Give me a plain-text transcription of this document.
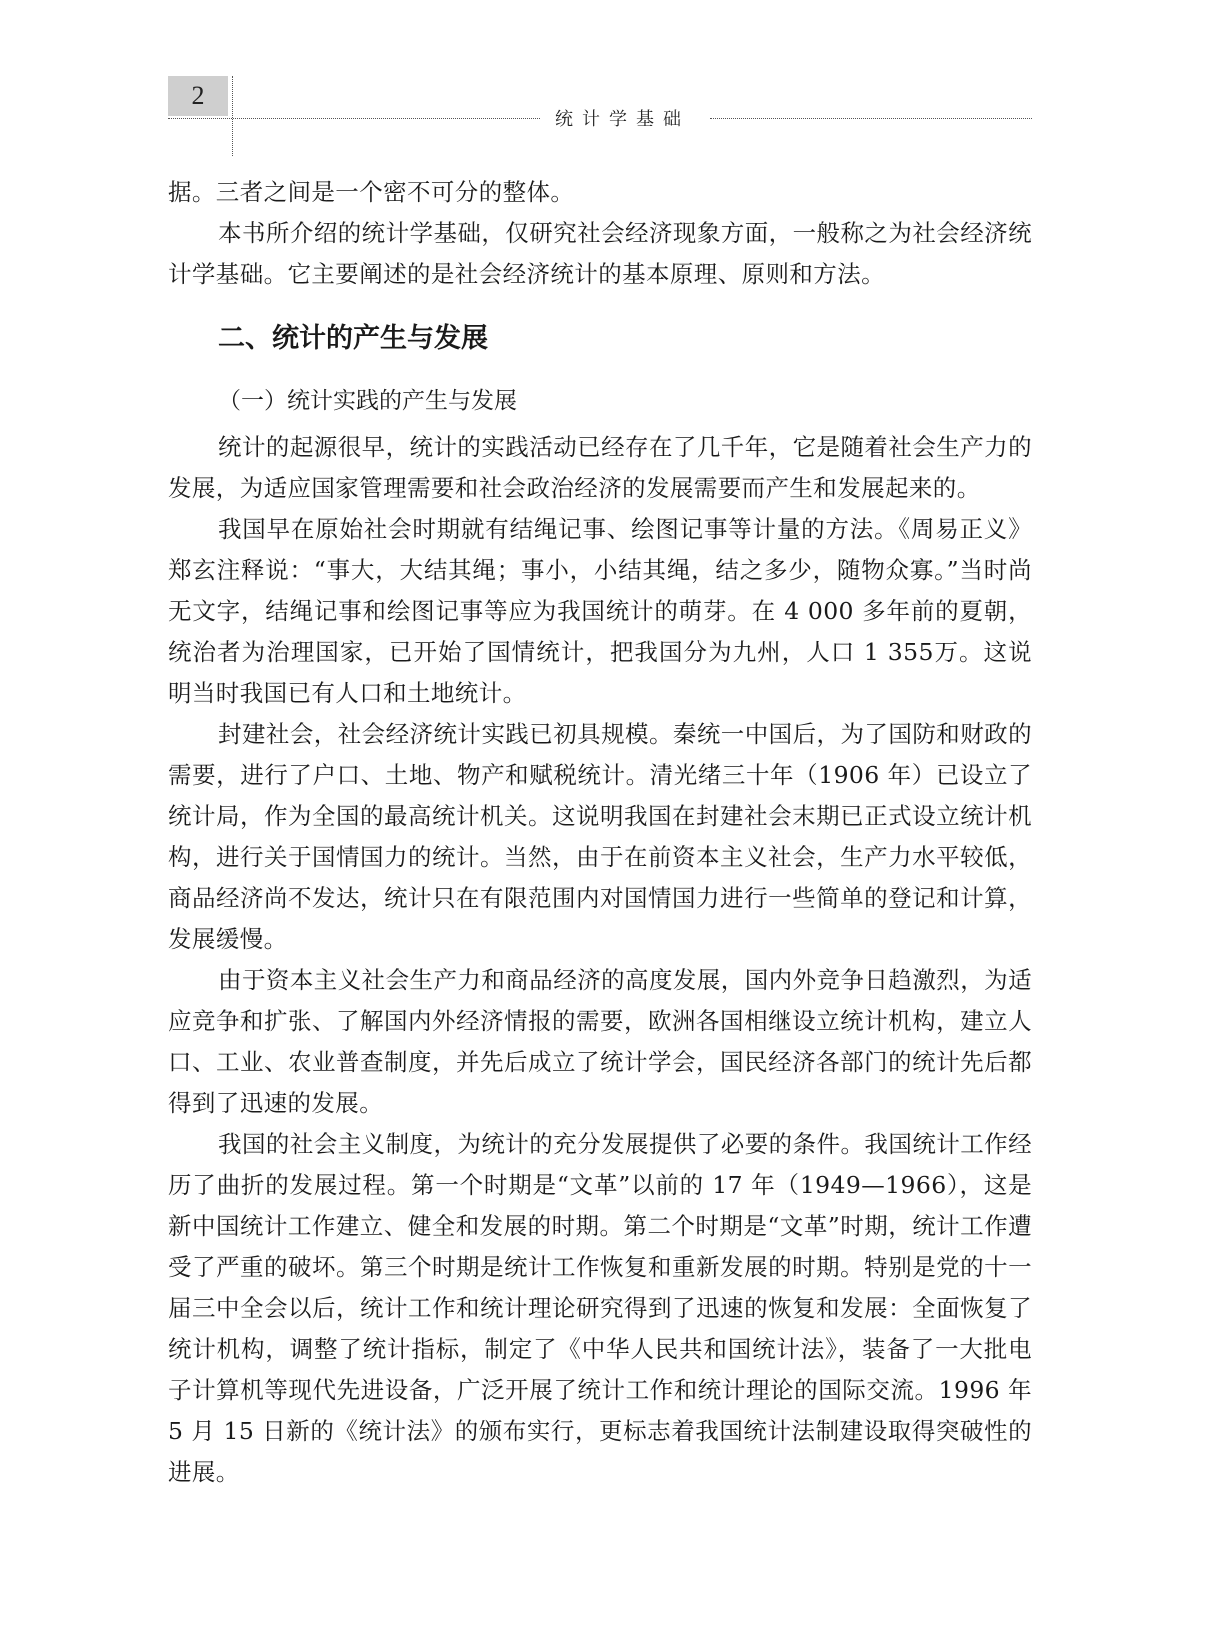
2
统计学基础

据。三者之间是一个密不可分的整体。

本书所介绍的统计学基础，仅研究社会经济现象方面，一般称之为社会经济统计学基础。它主要阐述的是社会经济统计的基本原理、原则和方法。

二、统计的产生与发展
（一）统计实践的产生与发展

统计的起源很早，统计的实践活动已经存在了几千年，它是随着社会生产力的发展，为适应国家管理需要和社会政治经济的发展需要而产生和发展起来的。

我国早在原始社会时期就有结绳记事、绘图记事等计量的方法。《周易正义》郑玄注释说：“事大，大结其绳；事小，小结其绳，结之多少，随物众寡。”当时尚无文字，结绳记事和绘图记事等应为我国统计的萌芽。在 4 000 多年前的夏朝，统治者为治理国家，已开始了国情统计，把我国分为九州，人口 1 355万。这说明当时我国已有人口和土地统计。

封建社会，社会经济统计实践已初具规模。秦统一中国后，为了国防和财政的需要，进行了户口、土地、物产和赋税统计。清光绪三十年（1906 年）已设立了统计局，作为全国的最高统计机关。这说明我国在封建社会末期已正式设立统计机构，进行关于国情国力的统计。当然，由于在前资本主义社会，生产力水平较低，商品经济尚不发达，统计只在有限范围内对国情国力进行一些简单的登记和计算，发展缓慢。

由于资本主义社会生产力和商品经济的高度发展，国内外竞争日趋激烈，为适应竞争和扩张、了解国内外经济情报的需要，欧洲各国相继设立统计机构，建立人口、工业、农业普查制度，并先后成立了统计学会，国民经济各部门的统计先后都得到了迅速的发展。

我国的社会主义制度，为统计的充分发展提供了必要的条件。我国统计工作经历了曲折的发展过程。第一个时期是“文革”以前的 17 年（1949—1966），这是新中国统计工作建立、健全和发展的时期。第二个时期是“文革”时期，统计工作遭受了严重的破坏。第三个时期是统计工作恢复和重新发展的时期。特别是党的十一届三中全会以后，统计工作和统计理论研究得到了迅速的恢复和发展：全面恢复了统计机构，调整了统计指标，制定了《中华人民共和国统计法》，装备了一大批电子计算机等现代先进设备，广泛开展了统计工作和统计理论的国际交流。1996 年 5 月 15 日新的《统计法》的颁布实行，更标志着我国统计法制建设取得突破性的进展。
